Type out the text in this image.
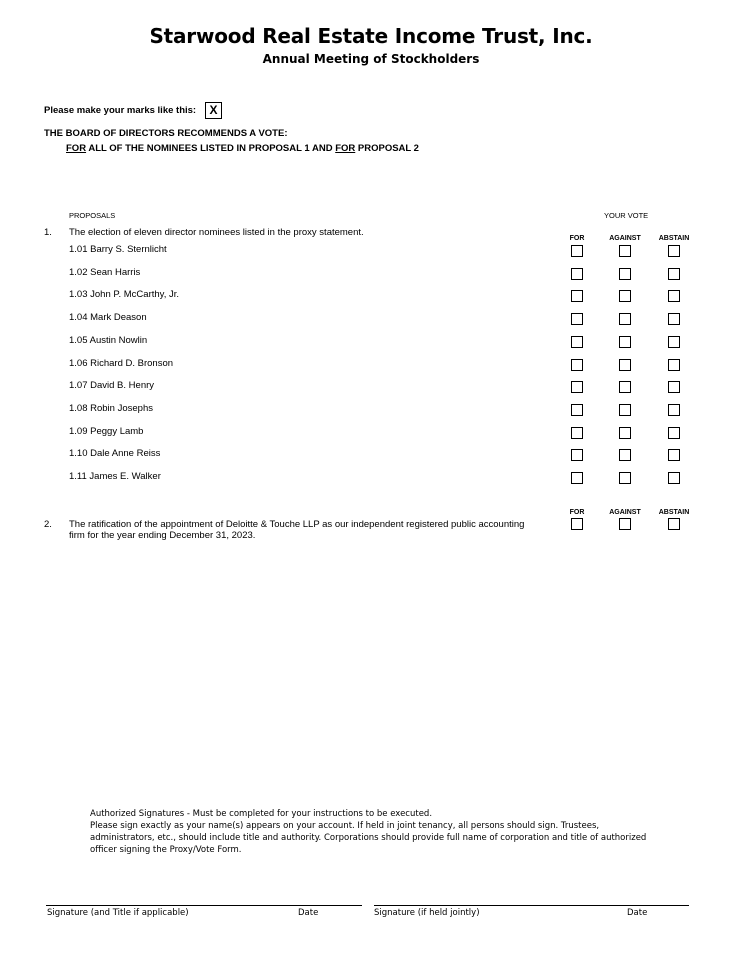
Starwood Real Estate Income Trust, Inc.
Annual Meeting of Stockholders
Please make your marks like this:	X
THE BOARD OF DIRECTORS RECOMMENDS A VOTE:
FOR ALL OF THE NOMINEES LISTED IN PROPOSAL 1 AND FOR PROPOSAL 2
PROPOSALS	YOUR VOTE
1. The election of eleven director nominees listed in the proxy statement.
FOR	AGAINST	ABSTAIN
1.01 Barry S. Sternlicht
1.02 Sean Harris
1.03 John P. McCarthy, Jr.
1.04 Mark Deason
1.05 Austin Nowlin
1.06 Richard D. Bronson
1.07 David B. Henry
1.08 Robin Josephs
1.09 Peggy Lamb
1.10 Dale Anne Reiss
1.11 James E. Walker
FOR	AGAINST	ABSTAIN
2. The ratification of the appointment of Deloitte & Touche LLP as our independent registered public accounting
firm for the year ending December 31, 2023.
Authorized Signatures - Must be completed for your instructions to be executed.
Please sign exactly as your name(s) appears on your account. If held in joint tenancy, all persons should sign. Trustees, administrators, etc., should include title and authority. Corporations should provide full name of corporation and title of authorized officer signing the Proxy/Vote Form.
Signature (and Title if applicable)	Date	Signature (if held jointly)	Date
